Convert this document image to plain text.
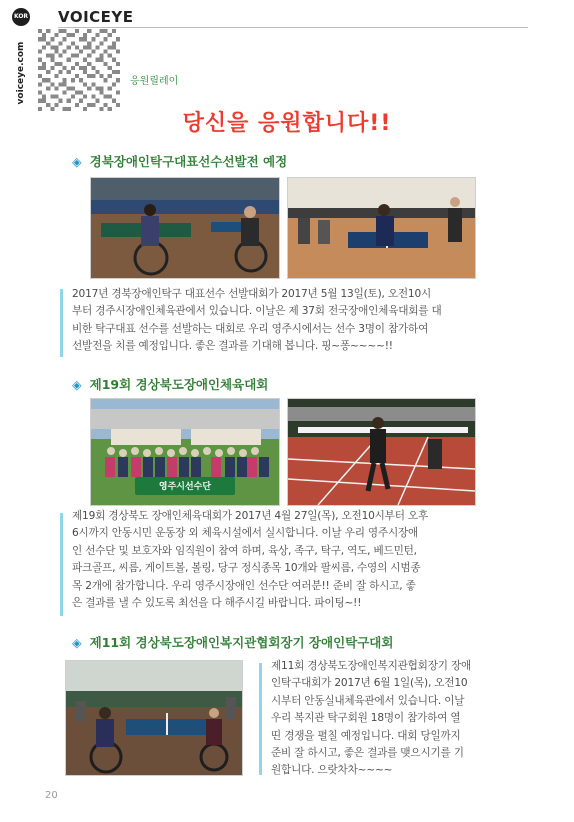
KOR
voiceye.com
VOICEYE
응원릴레이
당신을 응원합니다!!
◈ 경북장애인탁구대표선수선발전 예정
2017년 경북장애인탁구 대표선수 선발대회가 2017년 5월 13일(토), 오전10시
부터 경주시장애인체육관에서 있습니다. 이날은 제 37회 전국장애인체육대회를 대
비한 탁구대표 선수를 선발하는 대회로 우리 영주시에서는 선수 3명이 참가하여
선발전을 치를 예정입니다. 좋은 결과를 기대해 봅니다. 핑~퐁~~~~!!
◈ 제19회 경상북도장애인체육대회
영주시선수단
제19회 경상북도 장애인체육대회가 2017년 4월 27일(목), 오전10시부터 오후
6시까지 안동시민 운동장 외 체육시설에서 실시합니다. 이날 우리 영주시장애
인 선수단 및 보호자와 임직원이 참여 하며, 육상, 족구, 탁구, 역도, 베드민턴,
파크골프, 씨름, 게이트볼, 볼링, 당구 정식종목 10개와 팔씨름, 수영의 시범종
목 2개에 참가합니다. 우리 영주시장애인 선수단 여러분!! 준비 잘 하시고, 좋
은 결과를 낼 수 있도록 최선을 다 해주시길 바랍니다. 파이팅~!!
◈ 제11회 경상북도장애인복지관협회장기 장애인탁구대회
제11회 경상북도장애인복지관협회장기 장애
인탁구대회가 2017년 6월 1일(목), 오전10
시부터 안동실내체육관에서 있습니다. 이날
우리 복지관 탁구회원 18명이 참가하여 열
띤 경쟁을 펼칠 예정입니다. 대회 당일까지
준비 잘 하시고, 좋은 결과를 맺으시기를 기
원합니다. 으랏차차~~~~
20
